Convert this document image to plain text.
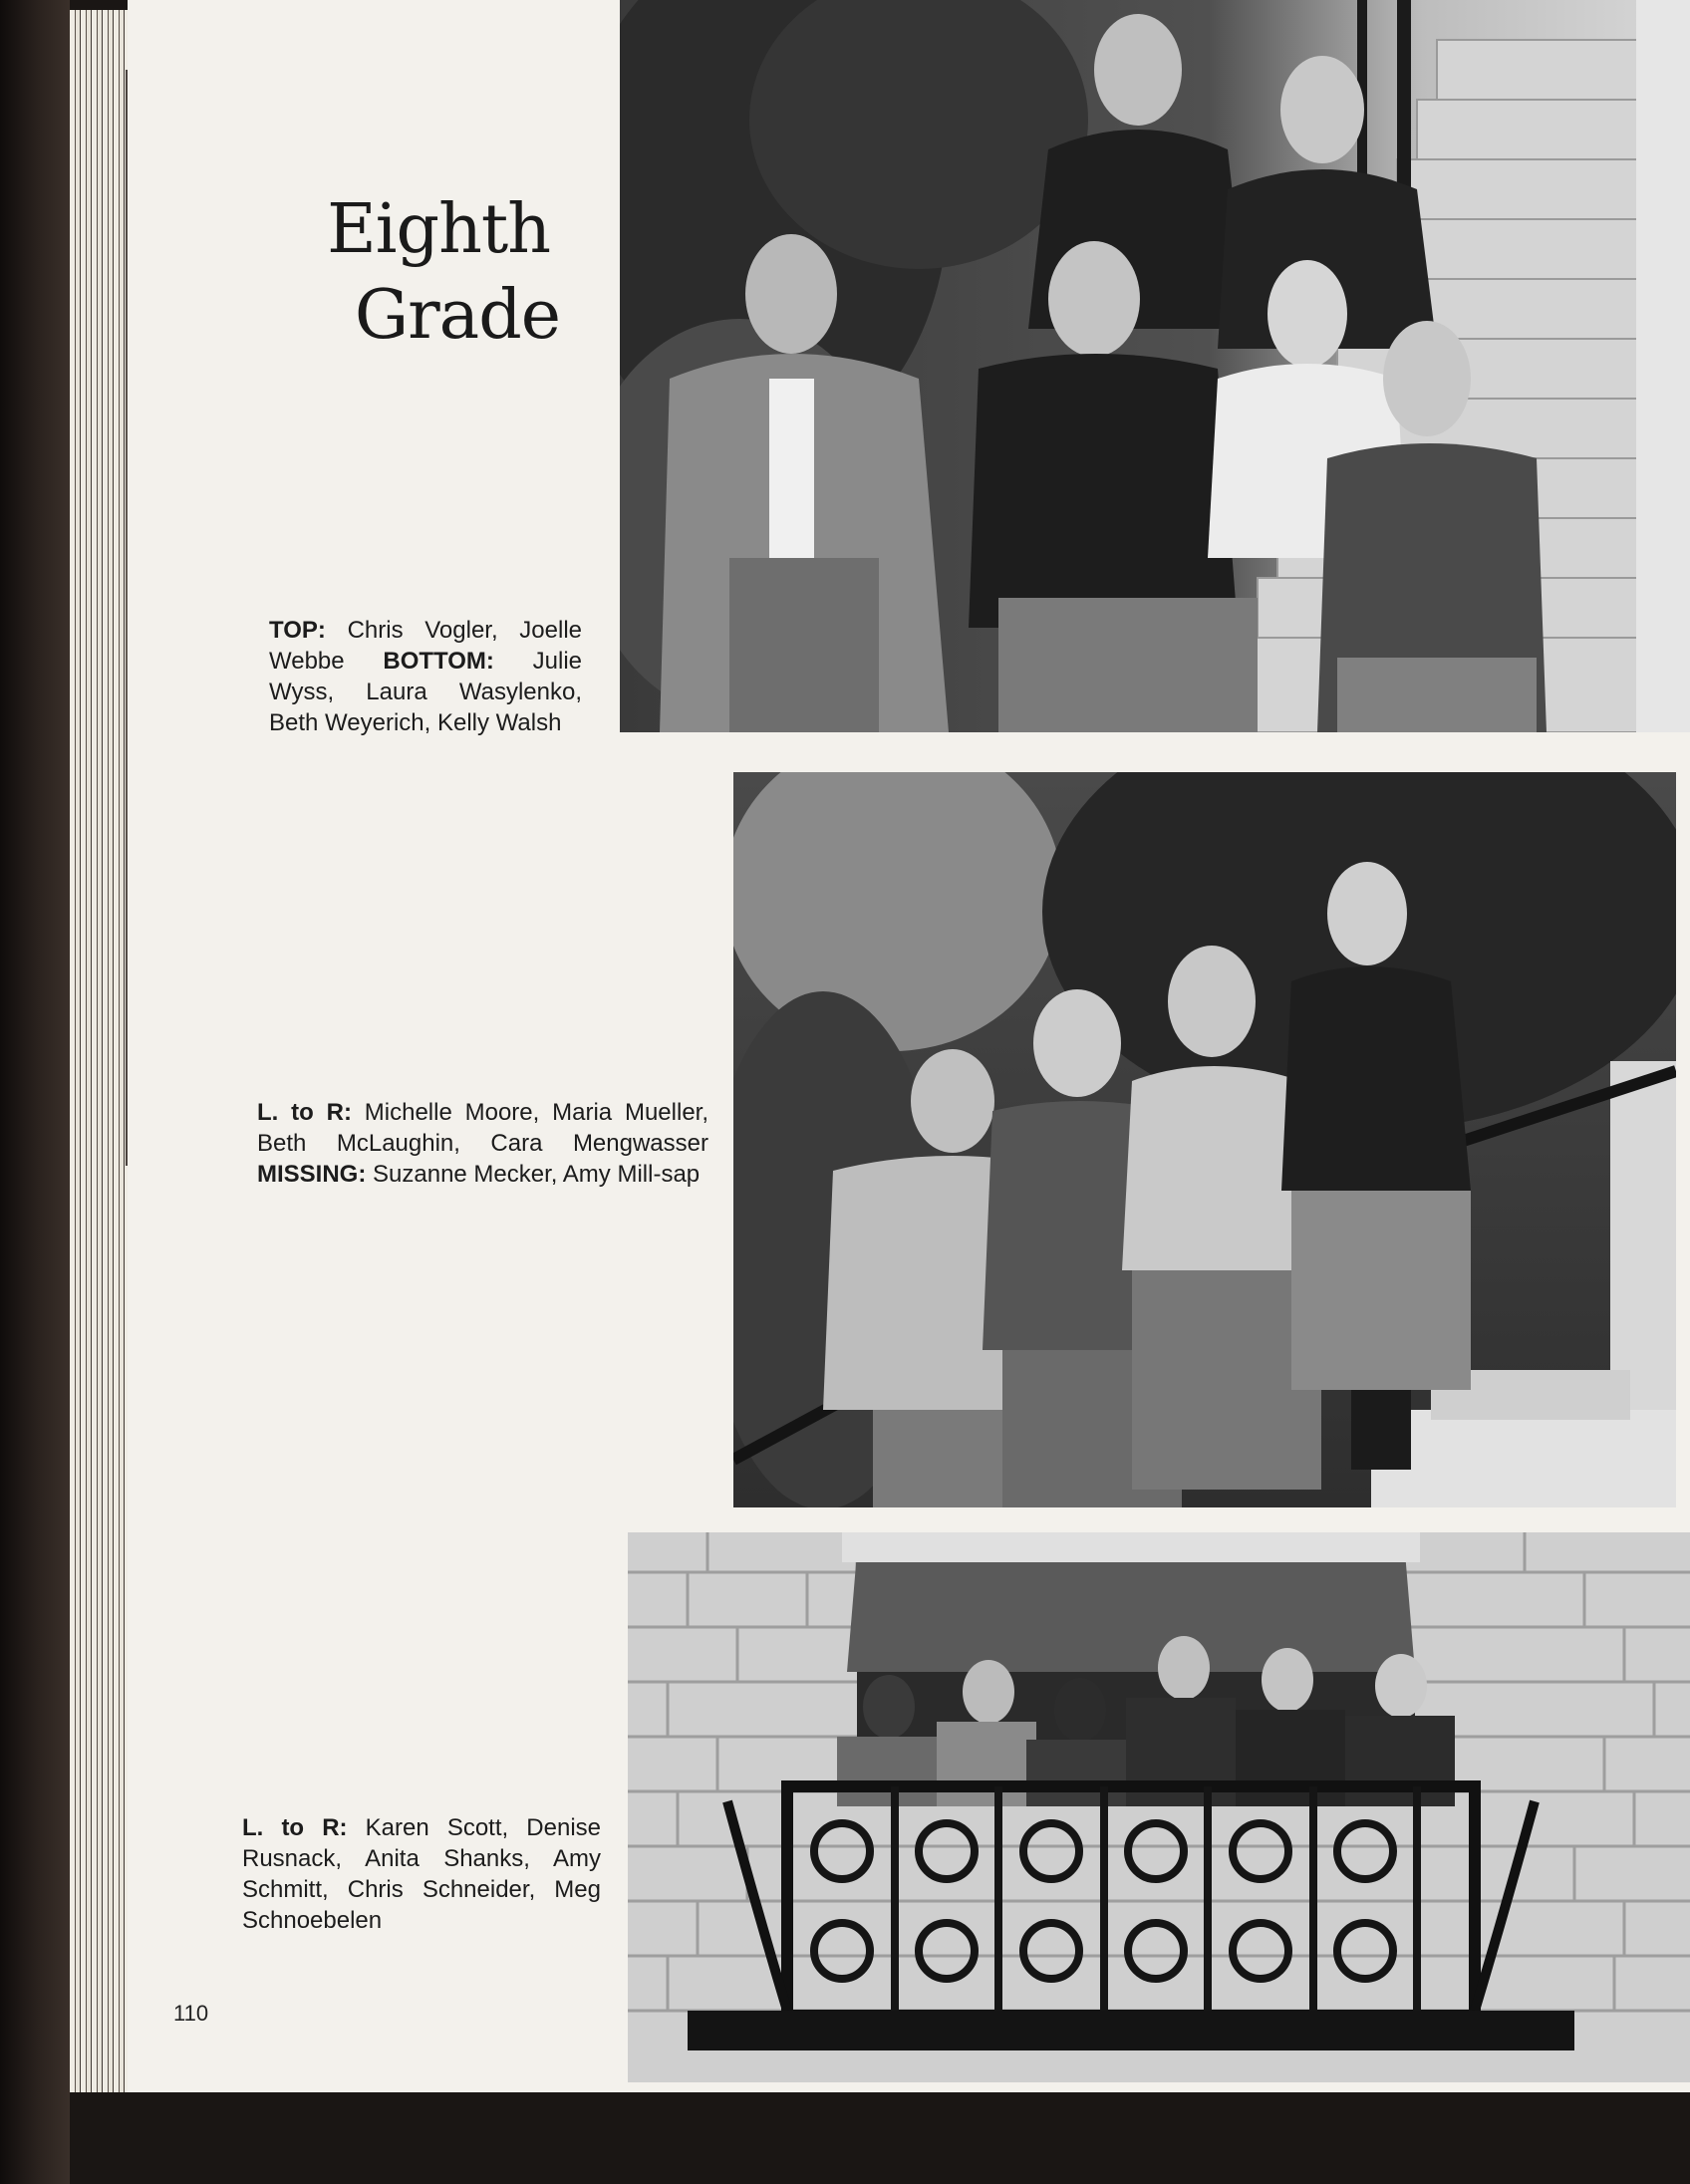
Eighth
Grade
TOP: Chris Vogler, Joelle Webbe BOTTOM: Julie Wyss, Laura Wasylenko, Beth Weyerich, Kelly Walsh
L. to R: Michelle Moore, Maria Mueller, Beth McLaughin, Cara Mengwasser MISSING: Suzanne Mecker, Amy Mill-sap
L. to R: Karen Scott, Denise Rusnack, Anita Shanks, Amy Schmitt, Chris Schneider, Meg Schnoebelen
110
